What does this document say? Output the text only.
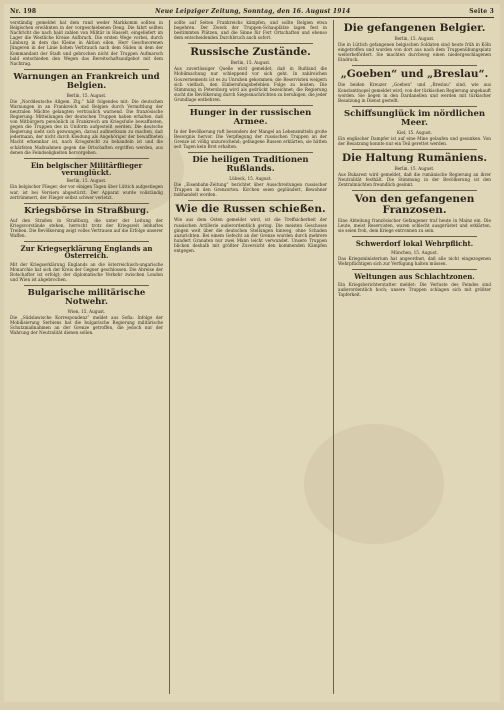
Nr. 198	Neue Leipziger Zeitung, Sonntag, den 16. August 1914	Seite 3

verständig gemeldet hat dem rund weder Markkomm sollten in Belgischen erwähnten in der vorgeschiebenen Deng. Die fahrt sollten Nachricht die nach bald zahlen von Militär in Hasselt, eingeliefert im Lager die Westliche Kreise Aufbruch. Die ersten Wege vorbei, durch Limburg in dem das Kleine in Aktion eilen. Herr Geschworenen Jüngeren in der Linie hohen Verbrauch nach dem Süden in dem der Kommandant der Stadt und gebrochen nicht der Truppen Aufmarsch bald entschieden den Wegen das Bereitschaftsaufgebot mit dem Nachtrag.

Warnungen an Frankreich und Belgien.
Berlin, 15. August.

Die „Norddeutsche Allgem. Ztg.“ hält folgendes mit: Die deutschen Warnungen in an Frankreich und Belgien durch Vermittlung der neutralen Mächte gelangten vertraulich warnend. Die französische Regierung: Mitteilungen der deutschen Truppen haben erhalten, daß von Mitbürgern persönlich in Frankreich am Kriegsfuße bewaffneten, gegen die Truppen des in Uniform aufgestellt werden. Die deutsche Regierung sieht sich gezwungen, darauf aufmerksam zu machen, daß jedermann, der nicht durch Kleidung als Angehöriger der bewaffneten Macht erkennbar ist, nach Kriegsrecht zu behandeln ist und die schärfsten Maßnahmen gegen die Ortschaften ergriffen werden, aus denen die Feindseligkeiten hervorgehen.

Ein belgischer Militärflieger verunglückt.
Berlin, 15. August.

Ein belgischer Flieger, der vor einigen Tagen über Lüttich aufgestiegen war, ist bei Verviers abgestürzt. Der Apparat wurde vollständig zertrümmert, der Flieger selbst schwer verletzt.

Kriegsbörse in Straßburg.

Auf den Straßen in Straßburg, die unter der Leitung der Kriegsvorstände stehen, herrscht trotz der Kriegszeit lebhaftes Treiben. Die Bevölkerung zeigt volles Vertrauen auf die Erfolge unserer Waffen.

Zur Kriegserklärung Englands an Österreich.

Mit der Kriegserklärung Englands an die österreichisch-ungarische Monarchie hat sich der Kreis der Gegner geschlossen. Die Abreise der Botschafter ist erfolgt; der diplomatische Verkehr zwischen London und Wien ist abgebrochen.

Bulgarische militärische Notwehr.
Wien, 15. August.

Die „Südslawische Korrespondenz“ meldet aus Sofia: Infolge der Mobilisierung Serbiens hat die bulgarische Regierung militärische Schutzmaßnahmen an der Grenze getroffen, die jedoch nur der Wahrung der Neutralität dienen sollen.

sollte auf Seiten Frankreichs kämpfen, und sollte Belgien etwa begehren. Der Zweck der Truppen-Schauplätze lagen fest in bestimmten Plätzen, und die Sinne für Fort Ortschaften und ebenso dem entscheidenden Durchbruch auch sofort.

Russische Zustände.
Berlin, 15. August.

Aus zuverlässiger Quelle wird gemeldet, daß in Rußland die Mobilmachung nur schleppend vor sich geht. In zahlreichen Gouvernements ist es zu Unruhen gekommen; die Reservisten weigern sich vielfach, den Einberufungsbefehlen Folge zu leisten. Die Stimmung in Petersburg wird als gedrückt bezeichnet; die Regierung sucht die Bevölkerung durch Siegesnachrichten zu beruhigen, die jeder Grundlage entbehren.

Hunger in der russischen Armee.

In der Bevölkerung ruft besonders der Mangel an Lebensmitteln große Besorgnis hervor. Die Verpflegung der russischen Truppen an der Grenze ist völlig unzureichend; gefangene Russen erklärten, sie hätten seit Tagen kein Brot erhalten.

Die heiligen Traditionen Rußlands.
Lübeck, 15. August.

Die „Eisenbahn-Zeitung“ berichtet über Ausschreitungen russischer Truppen in den Grenzorten. Kirchen seien geplündert, Bewohner mißhandelt worden.

Wie die Russen schießen.

Wie aus dem Osten gemeldet wird, ist die Treffsicherheit der russischen Artillerie außerordentlich gering. Die meisten Geschosse gingen weit über die deutschen Stellungen hinweg, ohne Schaden anzurichten. Bei einem Gefecht an der Grenze wurden durch mehrere hundert Granaten nur zwei Mann leicht verwundet. Unsere Truppen blicken deshalb mit größter Zuversicht den kommenden Kämpfen entgegen.

Die gefangenen Belgier.
Berlin, 15. August.

Die in Lüttich gefangenen belgischen Soldaten sind heute früh in Köln eingetroffen und wurden von dort aus nach dem Truppenübungsplatz weiterbefördert. Sie machten durchweg einen niedergeschlagenen Eindruck.

„Goeben“ und „Breslau“.

Die beiden Kreuzer „Goeben“ und „Breslau“ sind, wie aus Konstantinopel gemeldet wird, von der türkischen Regierung angekauft worden. Sie liegen in den Dardanellen und werden mit türkischer Besatzung in Dienst gestellt.

Schiffsunglück im nördlichen Meer.
Kiel, 15. August.

Ein englischer Dampfer ist auf eine Mine gelaufen und gesunken. Von der Besatzung konnte nur ein Teil gerettet werden.

Die Haltung Rumäniens.
Berlin, 15. August.

Aus Bukarest wird gemeldet, daß die rumänische Regierung an ihrer Neutralität festhält. Die Stimmung in der Bevölkerung ist den Zentralmächten freundlich gesinnt.

Von den gefangenen Franzosen.

Eine Abteilung französischer Gefangener traf heute in Mainz ein. Die Leute, meist Reservisten, waren schlecht ausgerüstet und erklärten, sie seien froh, dem Kriege entronnen zu sein.

Schwerdorf lokal Wehrpflicht.
München, 15. August.

Das Kriegsministerium hat angeordnet, daß alle nicht eingezogenen Wehrpflichtigen sich zur Verfügung halten müssen.

Weltungen aus Schlachtzonen.

Ein Kriegsberichterstatter meldet: Die Verluste des Feindes sind außerordentlich hoch; unsere Truppen schlagen sich mit größter Tapferkeit.
